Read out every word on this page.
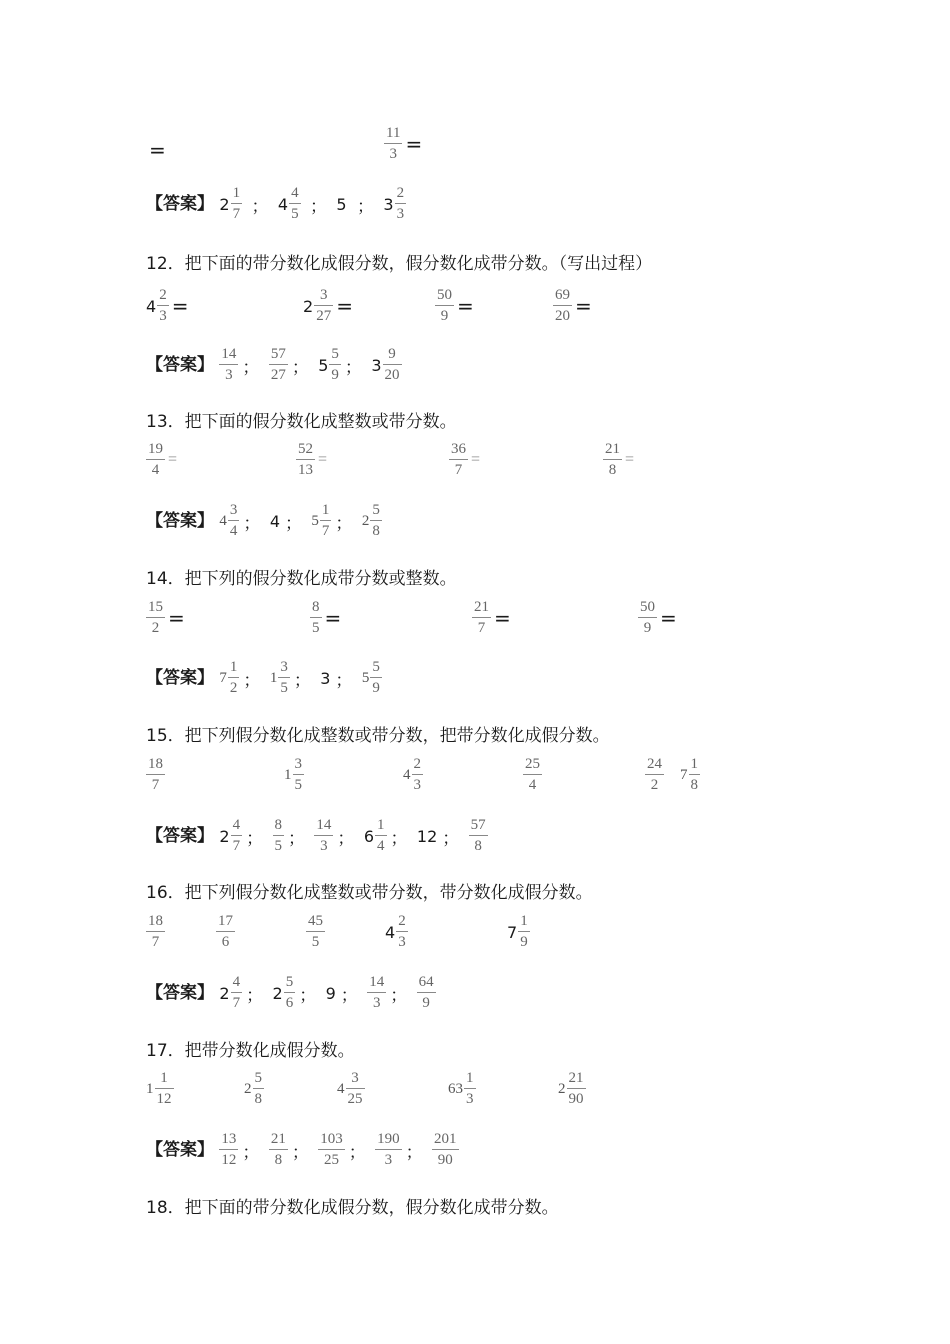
=	$\frac{11}{3}$ =
【答案】 $2 \frac{1}{7}$ ； $4 \frac{4}{5}$ ； 5 ； $3 \frac{2}{3}$
12．把下面的带分数化成假分数，假分数化成带分数。（写出过程）
$4 \frac{2}{3}$ =	$2 \frac{3}{27}$ =	$\frac{50}{9}$ =	$\frac{69}{20}$ =
【答案】 $\frac{14}{3}$ ； $\frac{57}{27}$ ； $5 \frac{5}{9}$ ； $3 \frac{9}{20}$
13．把下面的假分数化成整数或带分数。
$\frac{19}{4}$ =	$\frac{52}{13}$ =	$\frac{36}{7}$ =	$\frac{21}{8}$ =
【答案】 $4 \frac{3}{4}$ ； 4 ； $5 \frac{1}{7}$ ； $2 \frac{5}{8}$
14．把下列的假分数化成带分数或整数。
$\frac{15}{2}$ =	$\frac{8}{5}$ =	$\frac{21}{7}$ =	$\frac{50}{9}$ =
【答案】 $7 \frac{1}{2}$ ； $1 \frac{3}{5}$ ； 3 ； $5 \frac{5}{9}$
15．把下列假分数化成整数或带分数，把带分数化成假分数。
$\frac{18}{7}$	$1 \frac{3}{5}$	$4 \frac{2}{3}$	$\frac{25}{4}$	$\frac{24}{2} 7 \frac{1}{8}$
【答案】 $2 \frac{4}{7}$ ； $\frac{8}{5}$ ； $\frac{14}{3}$ ； $6 \frac{1}{4}$ ； 12 ； $\frac{57}{8}$
16．把下列假分数化成整数或带分数，带分数化成假分数。
$\frac{18}{7}$	$\frac{17}{6}$	$\frac{45}{5}$	$4 \frac{2}{3}$	$7 \frac{1}{9}$
【答案】 $2 \frac{4}{7}$ ； $2 \frac{5}{6}$ ； 9 ； $\frac{14}{3}$ ； $\frac{64}{9}$
17．把带分数化成假分数。
$1 \frac{1}{12}$	$2 \frac{5}{8}$	$4 \frac{3}{25}$	$63 \frac{1}{3}$	$2 \frac{21}{90}$
【答案】 $\frac{13}{12}$ ； $\frac{21}{8}$ ； $\frac{103}{25}$ ； $\frac{190}{3}$ ； $\frac{201}{90}$
18．把下面的带分数化成假分数，假分数化成带分数。
